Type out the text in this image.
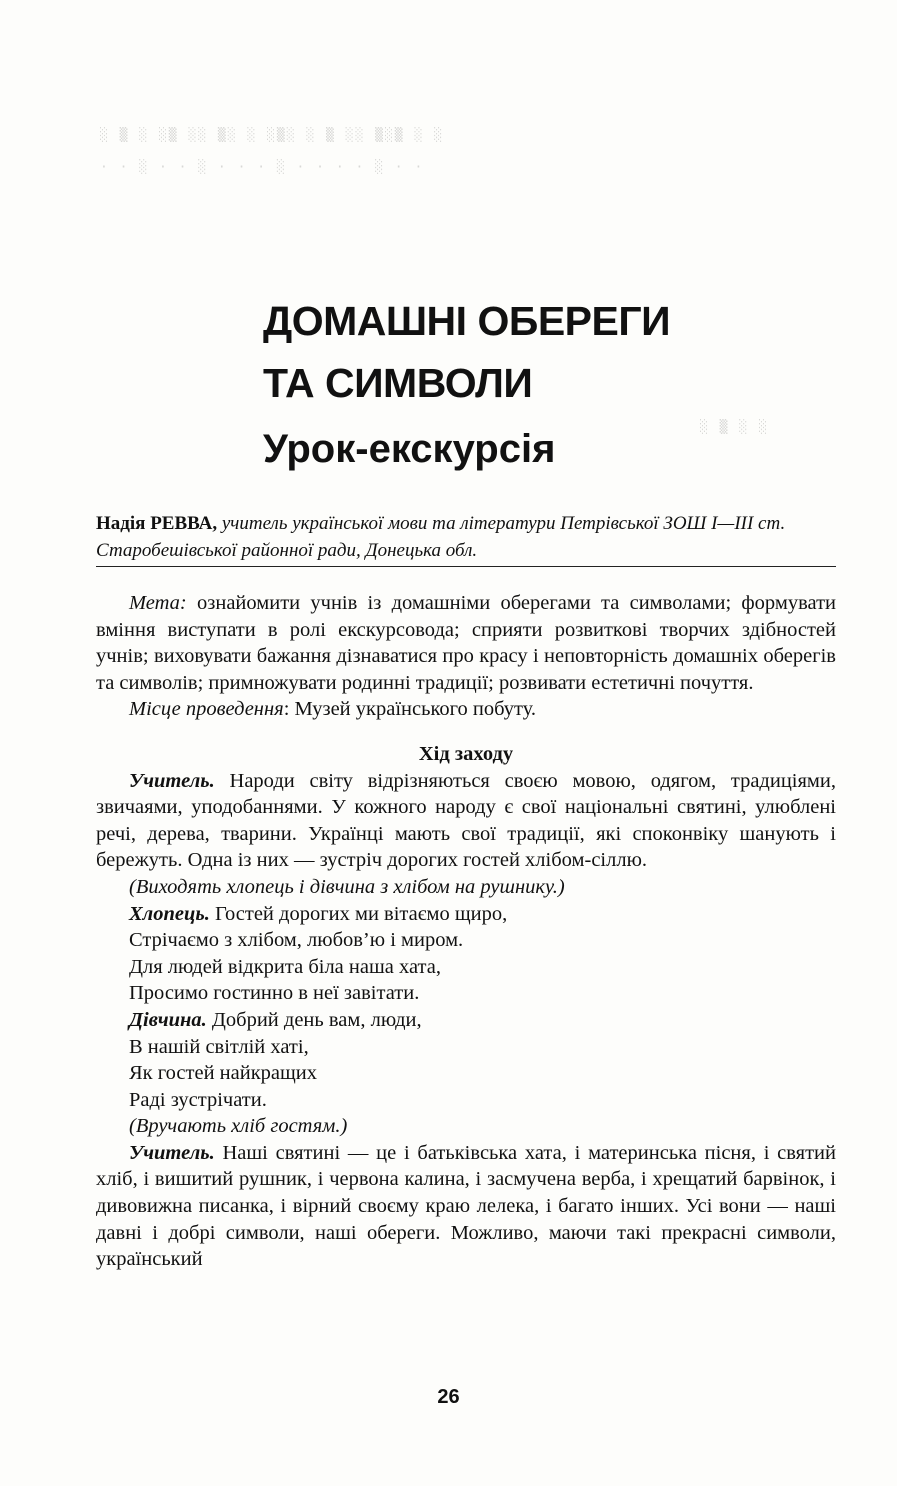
░ ▒ ░ ░▒ ░░ ▒░ ░ ░▒░ ░ ▒ ░░ ▒░▒ ░ ░
· · ░ · · ░ · · · ░ · · · · ░ · ·
░ ▒ ░ ░
ДОМАШНІ ОБЕРЕГИ
ТА СИМВОЛИ
Урок-екскурсія
Надія РЕВВА, учитель української мови та літератури Петрівської ЗОШ І—ІІІ ст. Старобешівської районної ради, Донецька обл.

Мета: ознайомити учнів із домашніми оберегами та символами; формувати вміння виступати в ролі екскурсовода; сприяти розвиткові творчих здібностей учнів; виховувати бажання дізнаватися про красу і неповторність домашніх оберегів та символів; примножувати родинні традиції; розвивати естетичні почуття.

Місце проведення: Музей українського побуту.

Хід заходу

Учитель. Народи світу відрізняються своєю мовою, одягом, традиціями, звичаями, уподобаннями. У кожного народу є свої національні святині, улюблені речі, дерева, тварини. Українці мають свої традиції, які споконвіку шанують і бережуть. Одна із них — зустріч дорогих гостей хлібом-сіллю.

(Виходять хлопець і дівчина з хлібом на рушнику.)

Хлопець. Гостей дорогих ми вітаємо щиро,

Стрічаємо з хлібом, любов’ю і миром.

Для людей відкрита біла наша хата,

Просимо гостинно в неї завітати.

Дівчина. Добрий день вам, люди,

В нашій світлій хаті,

Як гостей найкращих

Раді зустрічати.

(Вручають хліб гостям.)

Учитель. Наші святині — це і батьківська хата, і материнська пісня, і святий хліб, і вишитий рушник, і червона калина, і засмучена верба, і хрещатий барвінок, і дивовижна писанка, і вірний своєму краю лелека, і багато інших. Усі вони — наші давні і добрі символи, наші обереги. Можливо, маючи такі прекрасні символи, український

26
